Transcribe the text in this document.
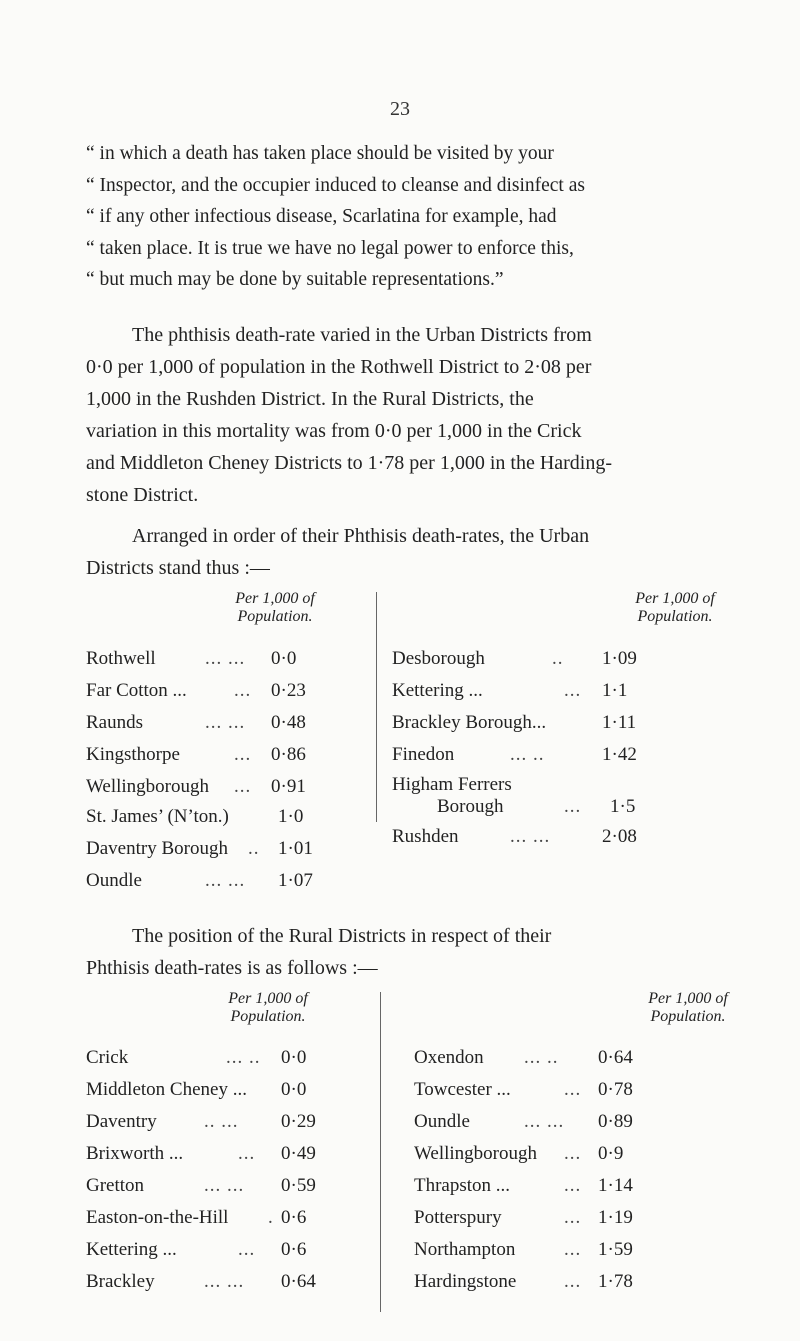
23
“ in which a death has taken place should be visited by your
“ Inspector, and the occupier induced to cleanse and disinfect as
“ if any other infectious disease, Scarlatina for example, had
“ taken place. It is true we have no legal power to enforce this,
“ but much may be done by suitable representations.”
The phthisis death-rate varied in the Urban Districts from
0·0 per 1,000 of population in the Rothwell District to 2·08 per
1,000 in the Rushden District. In the Rural Districts, the
variation in this mortality was from 0·0 per 1,000 in the Crick
and Middleton Cheney Districts to 1·78 per 1,000 in the Harding-
stone District.
Arranged in order of their Phthisis death-rates, the Urban
Districts stand thus :—
Per 1,000 of
Population.
Per 1,000 of
Population.
Rothwell	... ... 0·0
Far Cotton ... ... 0·23
Raunds	... ... 0·48
Kingsthorpe	... 0·86
Wellingborough ... 0·91
St. James’ (N’ton.)	1·0
Daventry Borough .. 1·01
Oundle	... ... 1·07
Desborough	.. 1·09
Kettering ...	... 1·1
Brackley Borough...	1·11
Finedon	... ..	1·42
Higham Ferrers
Borough	... 1·5
Rushden	... ...	2·08
The position of the Rural Districts in respect of their
Phthisis death-rates is as follows :—
Per 1,000 of
Population.
Per 1,000 of
Population.
Crick	... .. 0·0
Middleton Cheney ... 0·0
Daventry .. ... 0·29
Brixworth ...	... 0·49
Gretton	... ... 0·59
Easton-on-the-Hill . 0·6
Kettering ...	... 0·6
Brackley	... ... 0·64
Oxendon ... .. 0·64
Towcester ...	... 0·78
Oundle	... ... 0·89
Wellingborough ... 0·9
Thrapston ...	... 1·14
Potterspury	... 1·19
Northampton	... 1·59
Hardingstone	... 1·78
